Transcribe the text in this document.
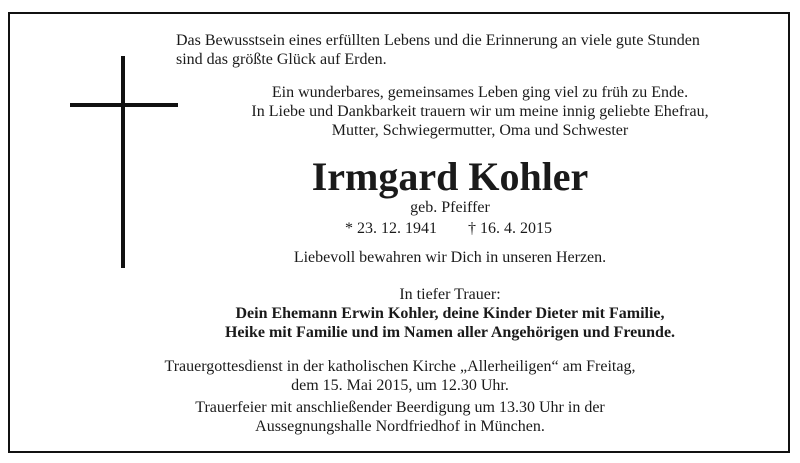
Das Bewusstsein eines erfüllten Lebens und die Erinnerung an viele gute Stunden
sind das größte Glück auf Erden.
Ein wunderbares, gemeinsames Leben ging viel zu früh zu Ende.
In Liebe und Dankbarkeit trauern wir um meine innig geliebte Ehefrau,
Mutter, Schwiegermutter, Oma und Schwester
Irmgard Kohler
geb. Pfeiffer
* 23. 12. 1941 † 16. 4. 2015
Liebevoll bewahren wir Dich in unseren Herzen.
In tiefer Trauer:
Dein Ehemann Erwin Kohler, deine Kinder Dieter mit Familie,
Heike mit Familie und im Namen aller Angehörigen und Freunde.
Trauergottesdienst in der katholischen Kirche „Allerheiligen“ am Freitag,
dem 15. Mai 2015, um 12.30 Uhr.
Trauerfeier mit anschließender Beerdigung um 13.30 Uhr in der
Aussegnungshalle Nordfriedhof in München.
